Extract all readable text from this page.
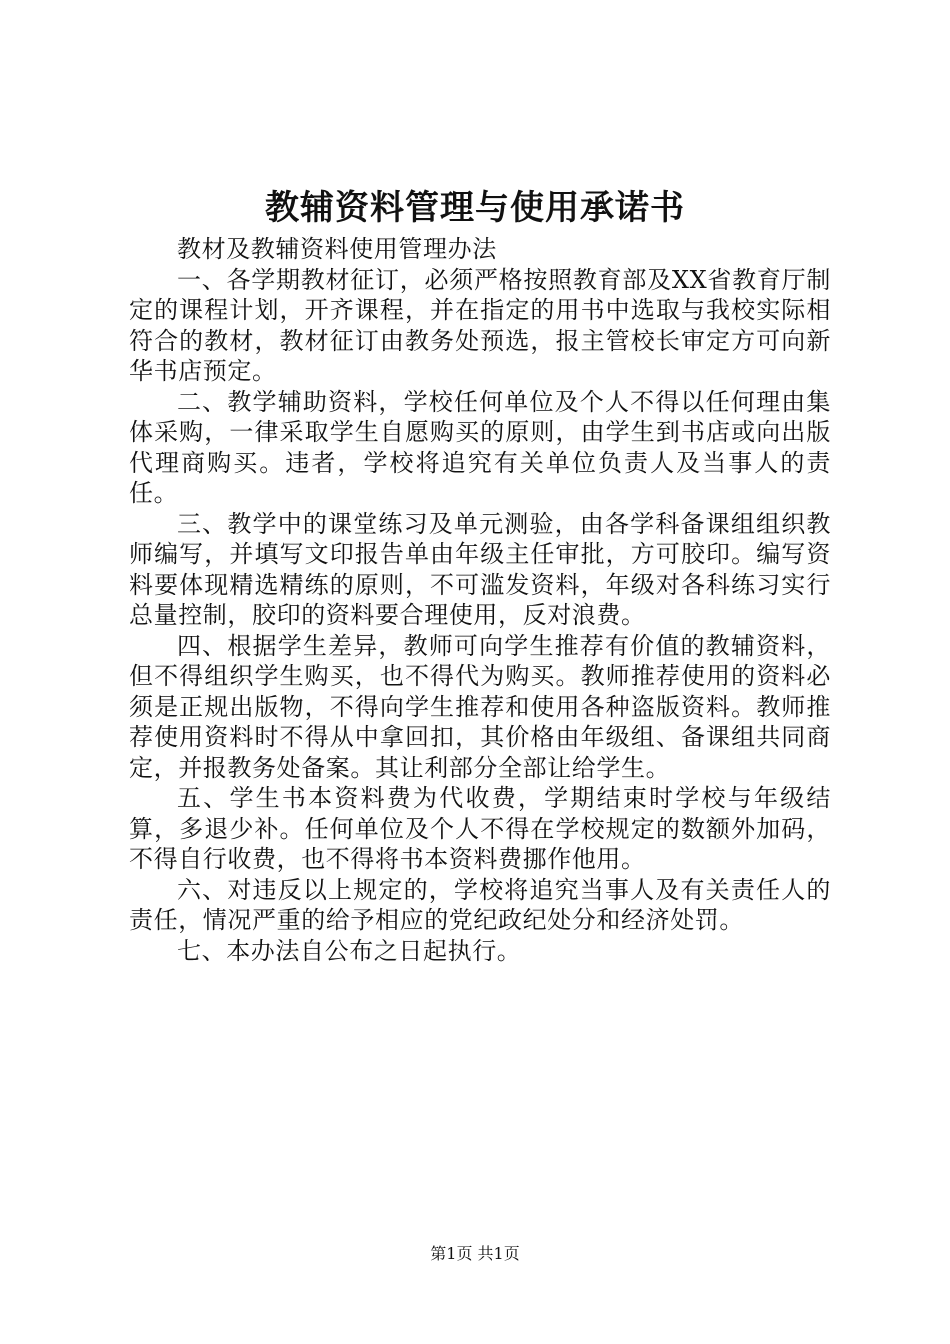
教辅资料管理与使用承诺书

教材及教辅资料使用管理办法

一、各学期教材征订，必须严格按照教育部及XX省教育厅制定的课程计划，开齐课程，并在指定的用书中选取与我校实际相符合的教材，教材征订由教务处预选，报主管校长审定方可向新华书店预定。

二、教学辅助资料，学校任何单位及个人不得以任何理由集体采购，一律采取学生自愿购买的原则，由学生到书店或向出版代理商购买。违者，学校将追究有关单位负责人及当事人的责任。

三、教学中的课堂练习及单元测验，由各学科备课组组织教师编写，并填写文印报告单由年级主任审批，方可胶印。编写资料要体现精选精练的原则，不可滥发资料，年级对各科练习实行总量控制，胶印的资料要合理使用，反对浪费。

四、根据学生差异，教师可向学生推荐有价值的教辅资料，但不得组织学生购买，也不得代为购买。教师推荐使用的资料必须是正规出版物，不得向学生推荐和使用各种盗版资料。教师推荐使用资料时不得从中拿回扣，其价格由年级组、备课组共同商定，并报教务处备案。其让利部分全部让给学生。

五、学生书本资料费为代收费，学期结束时学校与年级结算，多退少补。任何单位及个人不得在学校规定的数额外加码，不得自行收费，也不得将书本资料费挪作他用。

六、对违反以上规定的，学校将追究当事人及有关责任人的责任，情况严重的给予相应的党纪政纪处分和经济处罚。

七、本办法自公布之日起执行。

第1页 共1页
